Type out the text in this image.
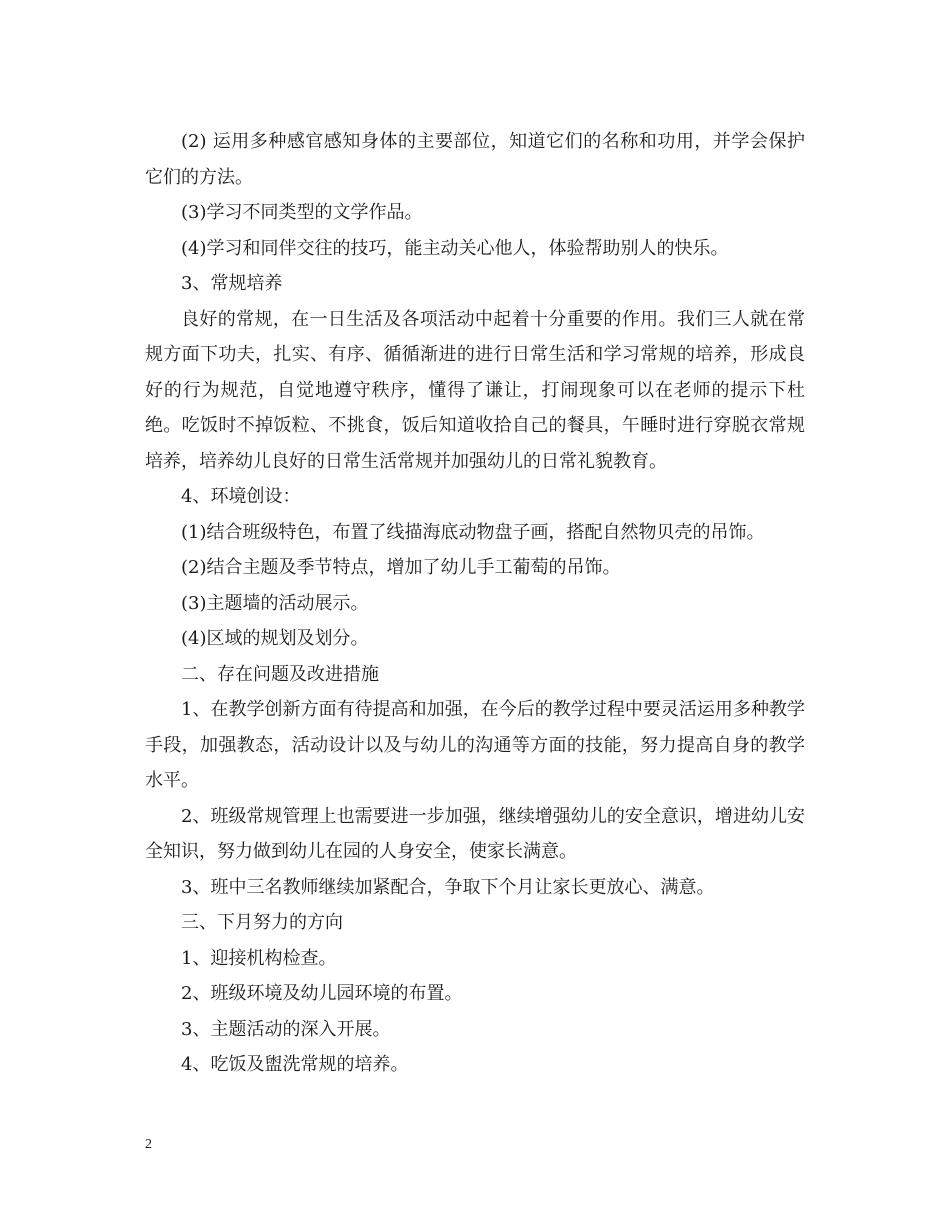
(2) 运用多种感官感知身体的主要部位，知道它们的名称和功用，并学会保护它们的方法。

(3)学习不同类型的文学作品。

(4)学习和同伴交往的技巧，能主动关心他人，体验帮助别人的快乐。

3、常规培养

良好的常规，在一日生活及各项活动中起着十分重要的作用。我们三人就在常规方面下功夫，扎实、有序、循循渐进的进行日常生活和学习常规的培养，形成良好的行为规范，自觉地遵守秩序，懂得了谦让，打闹现象可以在老师的提示下杜绝。吃饭时不掉饭粒、不挑食，饭后知道收拾自己的餐具，午睡时进行穿脱衣常规培养，培养幼儿良好的日常生活常规并加强幼儿的日常礼貌教育。

4、环境创设：

(1)结合班级特色，布置了线描海底动物盘子画，搭配自然物贝壳的吊饰。

(2)结合主题及季节特点，增加了幼儿手工葡萄的吊饰。

(3)主题墙的活动展示。

(4)区域的规划及划分。

二、存在问题及改进措施

1、在教学创新方面有待提高和加强，在今后的教学过程中要灵活运用多种教学手段，加强教态，活动设计以及与幼儿的沟通等方面的技能，努力提高自身的教学水平。

2、班级常规管理上也需要进一步加强，继续增强幼儿的安全意识，增进幼儿安全知识，努力做到幼儿在园的人身安全，使家长满意。

3、班中三名教师继续加紧配合，争取下个月让家长更放心、满意。

三、下月努力的方向

1、迎接机构检查。

2、班级环境及幼儿园环境的布置。

3、主题活动的深入开展。

4、吃饭及盥洗常规的培养。

2
